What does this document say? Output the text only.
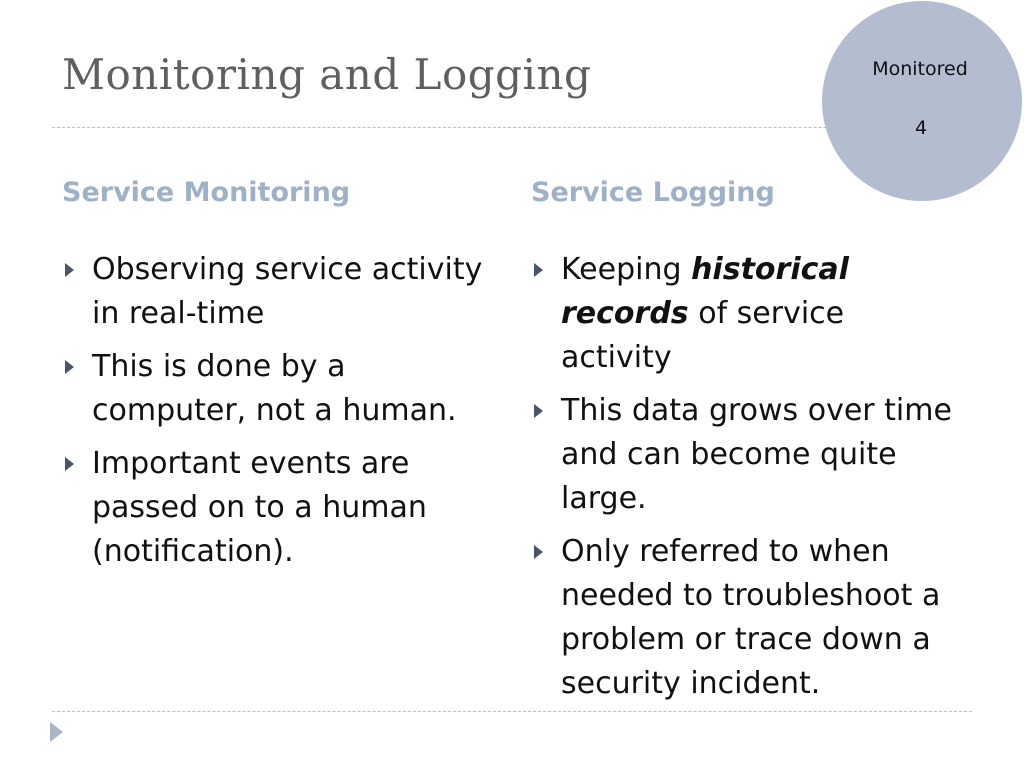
Monitoring and Logging	Monitored
4
Service Monitoring	Service Logging
Observing service activity in real-time
This is done by a computer, not a human.
Important events are passed on to a human (notification).
Keeping historical records of service activity
This data grows over time and can become quite large.
Only referred to when needed to troubleshoot a problem or trace down a security incident.
